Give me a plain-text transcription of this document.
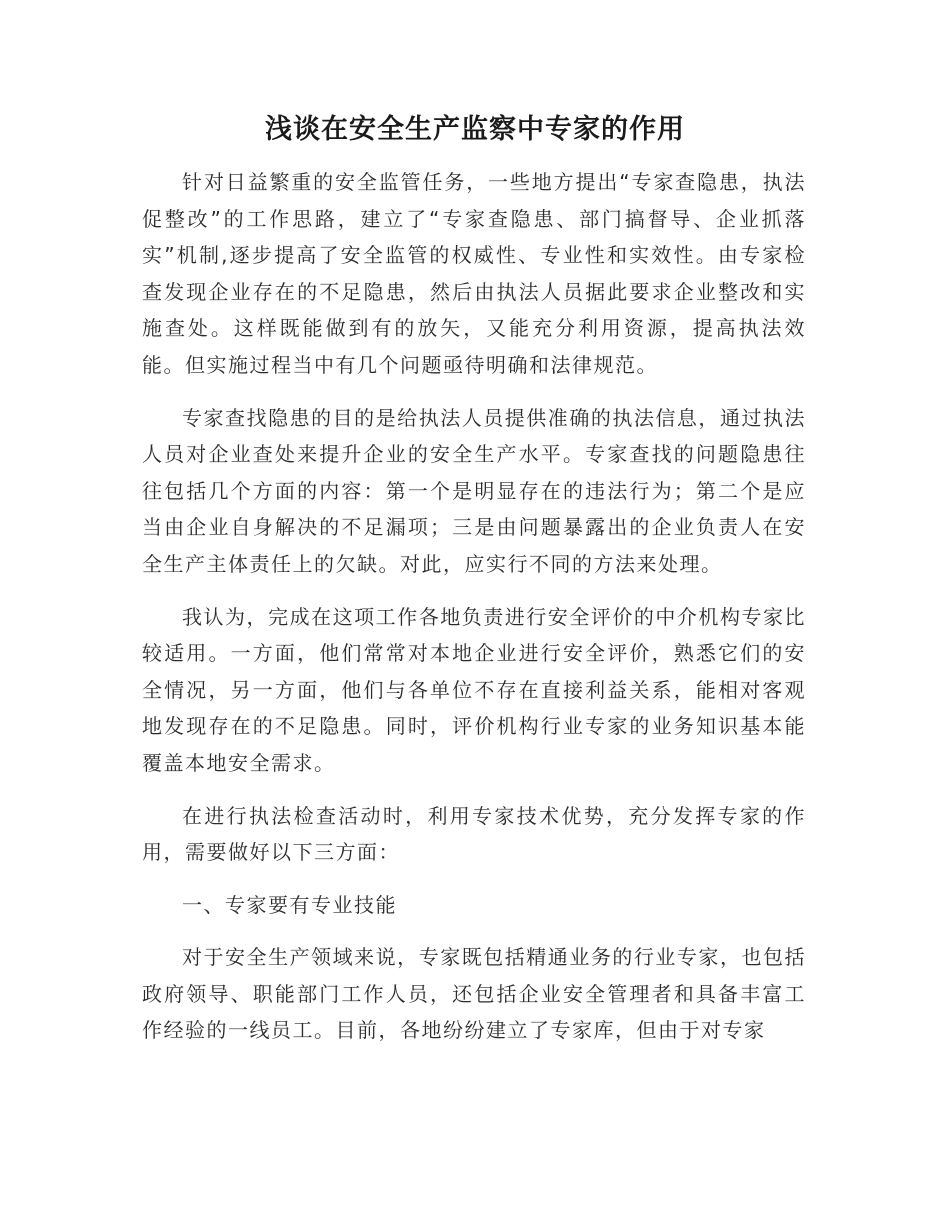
浅谈在安全生产监察中专家的作用

针对日益繁重的安全监管任务，一些地方提出“专家查隐患，执法促整改”的工作思路，建立了“专家查隐患、部门搞督导、企业抓落实”机制,逐步提高了安全监管的权威性、专业性和实效性。由专家检查发现企业存在的不足隐患，然后由执法人员据此要求企业整改和实施查处。这样既能做到有的放矢，又能充分利用资源，提高执法效能。但实施过程当中有几个问题亟待明确和法律规范。

专家查找隐患的目的是给执法人员提供准确的执法信息，通过执法人员对企业查处来提升企业的安全生产水平。专家查找的问题隐患往往包括几个方面的内容：第一个是明显存在的违法行为；第二个是应当由企业自身解决的不足漏项；三是由问题暴露出的企业负责人在安全生产主体责任上的欠缺。对此，应实行不同的方法来处理。

我认为，完成在这项工作各地负责进行安全评价的中介机构专家比较适用。一方面，他们常常对本地企业进行安全评价，熟悉它们的安全情况，另一方面，他们与各单位不存在直接利益关系，能相对客观地发现存在的不足隐患。同时，评价机构行业专家的业务知识基本能覆盖本地安全需求。

在进行执法检查活动时，利用专家技术优势，充分发挥专家的作用，需要做好以下三方面：

一、专家要有专业技能

对于安全生产领域来说，专家既包括精通业务的行业专家，也包括政府领导、职能部门工作人员，还包括企业安全管理者和具备丰富工作经验的一线员工。目前，各地纷纷建立了专家库，但由于对专家
